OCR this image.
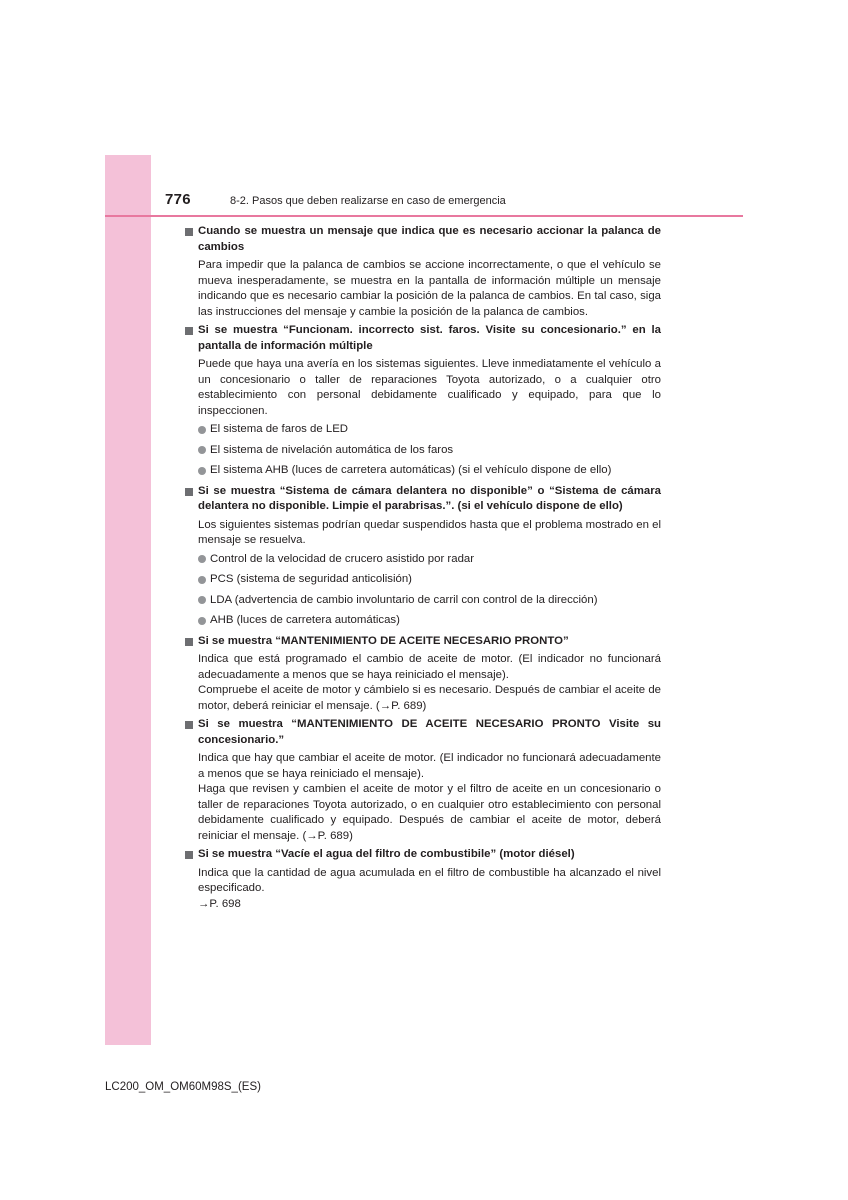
776	8-2. Pasos que deben realizarse en caso de emergencia
Cuando se muestra un mensaje que indica que es necesario accionar la palanca de cambios
Para impedir que la palanca de cambios se accione incorrectamente, o que el vehículo se mueva inesperadamente, se muestra en la pantalla de información múltiple un mensaje indicando que es necesario cambiar la posición de la palanca de cambios. En tal caso, siga las instrucciones del mensaje y cambie la posición de la palanca de cambios.
Si se muestra “Funcionam. incorrecto sist. faros. Visite su concesionario.” en la pantalla de información múltiple
Puede que haya una avería en los sistemas siguientes. Lleve inmediatamente el vehículo a un concesionario o taller de reparaciones Toyota autorizado, o a cualquier otro establecimiento con personal debidamente cualificado y equipado, para que lo inspeccionen.
El sistema de faros de LED
El sistema de nivelación automática de los faros
El sistema AHB (luces de carretera automáticas) (si el vehículo dispone de ello)
Si se muestra “Sistema de cámara delantera no disponible” o “Sistema de cámara delantera no disponible. Limpie el parabrisas.”. (si el vehículo dispone de ello)
Los siguientes sistemas podrían quedar suspendidos hasta que el problema mostrado en el mensaje se resuelva.
Control de la velocidad de crucero asistido por radar
PCS (sistema de seguridad anticolisión)
LDA (advertencia de cambio involuntario de carril con control de la dirección)
AHB (luces de carretera automáticas)
Si se muestra “MANTENIMIENTO DE ACEITE NECESARIO PRONTO”
Indica que está programado el cambio de aceite de motor. (El indicador no funcionará adecuadamente a menos que se haya reiniciado el mensaje).
Compruebe el aceite de motor y cámbielo si es necesario. Después de cambiar el aceite de motor, deberá reiniciar el mensaje. (→P. 689)
Si se muestra “MANTENIMIENTO DE ACEITE NECESARIO PRONTO Visite su concesionario.”
Indica que hay que cambiar el aceite de motor. (El indicador no funcionará adecuadamente a menos que se haya reiniciado el mensaje).
Haga que revisen y cambien el aceite de motor y el filtro de aceite en un concesionario o taller de reparaciones Toyota autorizado, o en cualquier otro establecimiento con personal debidamente cualificado y equipado. Después de cambiar el aceite de motor, deberá reiniciar el mensaje. (→P. 689)
Si se muestra “Vacíe el agua del filtro de combustibile” (motor diésel)
Indica que la cantidad de agua acumulada en el filtro de combustible ha alcanzado el nivel especificado.
→P. 698
LC200_OM_OM60M98S_(ES)
